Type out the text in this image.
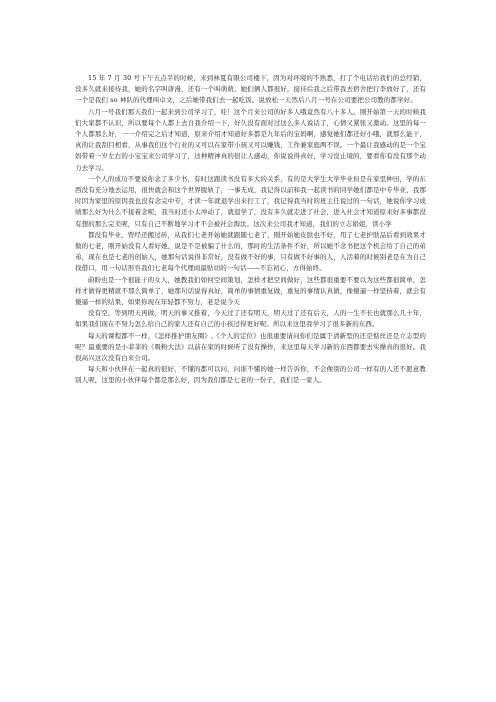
15 年 7 月 30 号下午五点半的时候，来到林夏有限公司楼下，因为对环境的不熟悉，打了个电话给我们的总经销，没多久就来接待我，她的名字叫唐漫，还有一个叫萌萌，她们俩人都很好，接待后我之后带我去宿舍把行李放好了，还有一个是我们 so 神队的代理叫卓文，之后她带我们去一起吃饭。说放松一天然后八月一号在公司要把公司教的都学好。

八月一号我们那天我们一起来到公司学习了，哇！这个月来公司的好多人哦竟然有八十多人。刚开始第一天的时候我们大家都不认识，所以要每个人都上去自我介绍一下，好久没有面对过这么多人说话了，心情又紧张又激动。这里的每一个人都那么好，一一介绍完之后才知道，原来介绍才知道好多都是九年后的宝妈啊，感觉她们都还好小哦，就那么能干，真的让我刮目相看，从事我们这个行业的又可以在家带小孩又可以赚钱，工作兼家庭两不误。一个最让我感动的是一个宝妈带着一岁左右的小宝宝来公司学习了，这种精神真的很让人感动，你说说得真好，学习没止境的，要看你有没有那个动力去学习。

一个人的成功不要说你念了多少书，有时这跟读书没有多大的关系，有的是大学生大学毕业但是在家里种田，学的东西没有充分地去运用，很快就会和这个世界脱轨了，一事无成，我记得以前和我一起读书的同学她们都是中专毕业，我那时因为家里的原因我也没有念完中专，才读一年就退学出来打工了，我记得我当时的班主任说过的一句话，她说你学习成绩那么好为什么不接着念呢，我当时还小太冲动了，就退学了，没有多久就走进了社会，进入社会才知道原来好多事都没有想的那么完美呢，只有自己不断地学习才不会被社会淘汰。这次来公司我才知道，我们的立志娟姐，读小学

都没有毕业，曾经还搬过砖，从我们七老开始她就跟随七老了，刚开始她皮肤也不好，用了七老护肤品后看到效果才做的七老，刚开始没有人看好她，说是不是被骗了什么的，那时的生活条件不好，所以她不念书把这个机会给了自己的弟弟，现在也是七老的创始人，她那句话说得非常好，没有做不好的事，只有做不好事的人，人活着的时候别老是在为自己找借口，用一句话形容我们七老每个代理商最贴切的一句话——不忘初心，方得始终。

蔚盼也是一个很能干的女人，她教我们如何空间策划，怎样才把空间做好，这些都很重要不要以为这些都很简单，怎样才做得更精就不那么简单了，她那句话说得真好，简单的事情重复做，重复的事情认真做，像傻逼一样坚持着，就会有傻逼一样的结果，如果你现在年轻都不努力，老是说今天

没有空，等到明天再做，明天的事又推着，今天过了还有明天，明天过了还有后天，人的一生不长也就那么几十年，如果我们现在不努力怎么给自己的家人还有自己的小孩过得更好呢。所以来这里我学习了很多新的东西。

每天的课程都不一样，《怎样推护朋友圈》,《个人的定位》也很重要请问你们是属于清新型的还是惦丝还是立志型的呢？最重要的是小菲菲的《吸粉大法》以前在家的时候听了没有操作，来这里每天学习新的东西都要去实操真的很好。我很高兴这次没有白来公司。

每天和小伙伴在一起真的很好，不懂的都可以问，问谁不懂的她一样告诉你，不会像别的公司一样有的人还不愿意教别人呢，这里的小伙伴每个都是那么好，因为我们都是七老的一份子，我们是一家人。
